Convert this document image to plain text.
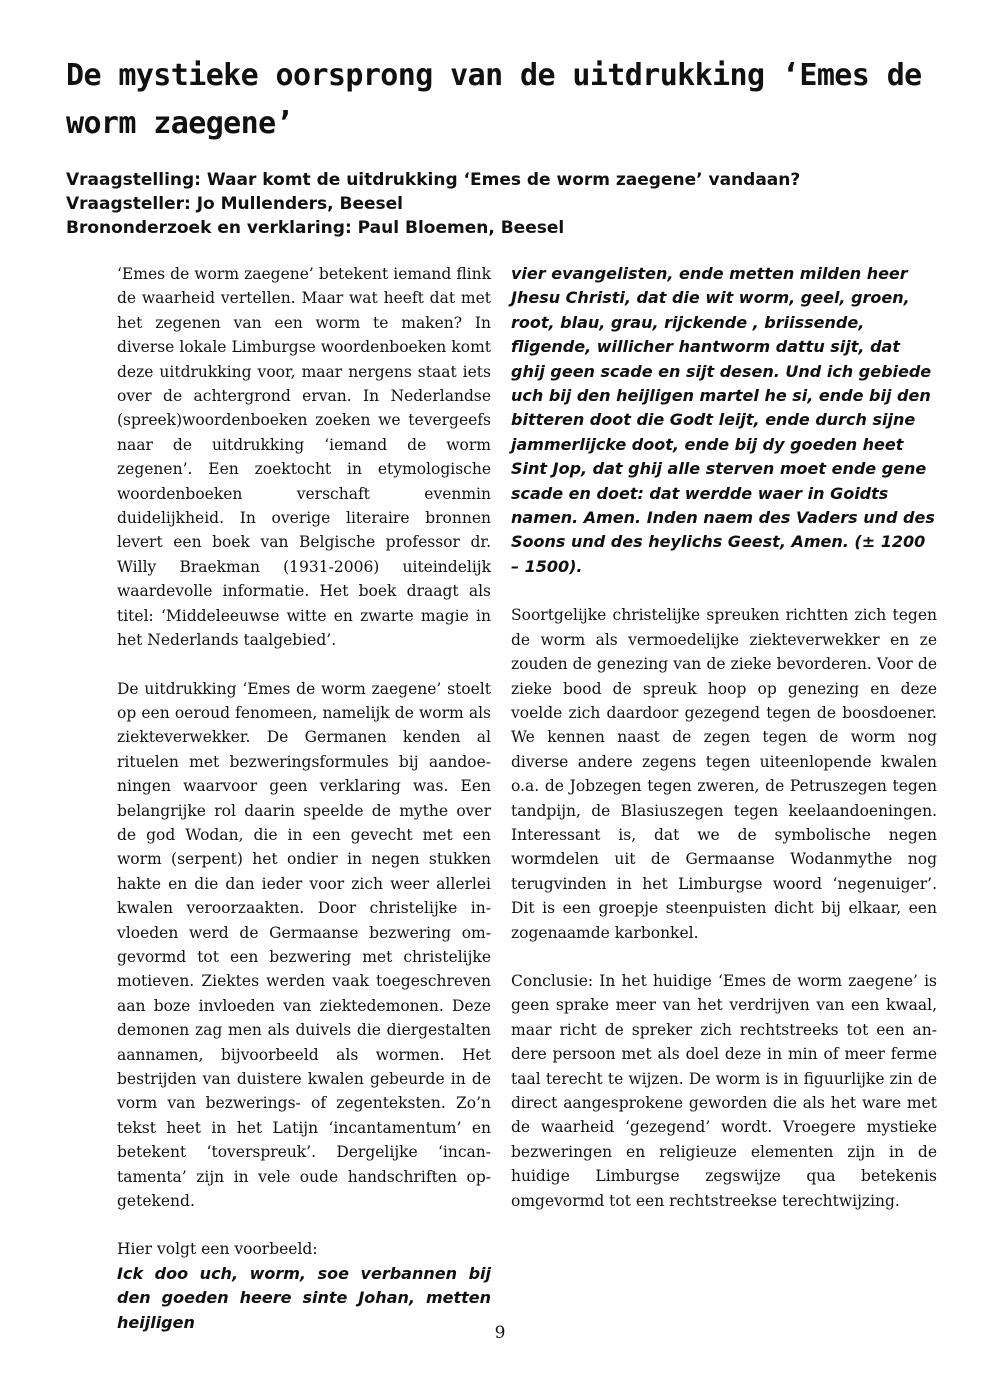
De mystieke oorsprong van de uitdrukking ‘Emes de worm zaegene’
Vraagstelling: Waar komt de uitdrukking ‘Emes de worm zaegene’ vandaan?
Vraagsteller: Jo Mullenders, Beesel
Brononderzoek en verklaring: Paul Bloemen, Beesel

‘Emes de worm zaegene’ betekent iemand flink de waarheid vertellen. Maar wat heeft dat met het zegenen van een worm te maken? In diverse lokale Limburgse woordenboeken komt deze uitdrukking voor, maar nergens staat iets over de achtergrond ervan. In Nederlandse (spreek)woordenboeken zoeken we tevergeefs naar de uitdrukking ‘iemand de worm zegenen’. Een zoektocht in etymologische woordenboeken verschaft evenmin duidelijkheid. In overige literaire bronnen levert een boek van Belgische professor dr. Willy Braekman (1931-2006) uiteindelijk waardevolle informatie. Het boek draagt als titel: ‘Middeleeuwse witte en zwarte magie in het Nederlands taalgebied’.

De uitdrukking ‘Emes de worm zaegene’ stoelt op een oeroud fenomeen, namelijk de worm als ziekteverwekker. De Germanen kenden al rituelen met bezweringsformules bij aandoeningen waarvoor geen verklaring was. Een belangrijke rol daarin speelde de mythe over de god Wodan, die in een gevecht met een worm (serpent) het ondier in negen stukken hakte en die dan ieder voor zich weer allerlei kwalen veroorzaakten. Door christelijke invloeden werd de Germaanse bezwering omgevormd tot een bezwering met christelijke motieven. Ziektes werden vaak toegeschreven aan boze invloeden van ziektedemonen. Deze demonen zag men als duivels die diergestalten aannamen, bijvoorbeeld als wormen. Het bestrijden van duistere kwalen gebeurde in de vorm van bezwerings- of zegenteksten. Zo’n tekst heet in het Latijn ‘incantamentum’ en betekent ‘toverspreuk’. Dergelijke ‘incantamenta’ zijn in vele oude handschriften opgetekend.

Hier volgt een voorbeeld:
Ick doo uch, worm, soe verbannen bij den goeden heere sinte Johan, metten heijligen

vier evangelisten, ende metten milden heer Jhesu Christi, dat die wit worm, geel, groen, root, blau, grau, rijckende , briissende, fligende, willicher hantworm dattu sijt, dat ghij geen scade en sijt desen. Und ich gebiede uch bij den heijligen martel he si, ende bij den bitteren doot die Godt leijt, ende durch sijne jammerlijcke doot, ende bij dy goeden heet Sint Jop, dat ghij alle sterven moet ende gene scade en doet: dat werdde waer in Goidts namen. Amen. Inden naem des Vaders und des Soons und des heylichs Geest, Amen. (± 1200 – 1500).

Soortgelijke christelijke spreuken richtten zich tegen de worm als vermoedelijke ziekteverwekker en ze zouden de genezing van de zieke bevorderen. Voor de zieke bood de spreuk hoop op genezing en deze voelde zich daardoor gezegend tegen de boosdoener. We kennen naast de zegen tegen de worm nog diverse andere zegens tegen uiteenlopende kwalen o.a. de Jobzegen tegen zweren, de Petruszegen tegen tandpijn, de Blasiuszegen tegen keelaandoeningen. Interessant is, dat we de symbolische negen wormdelen uit de Germaanse Wodanmythe nog terugvinden in het Limburgse woord ‘negenuiger’. Dit is een groepje steenpuisten dicht bij elkaar, een zogenaamde karbonkel.

Conclusie: In het huidige ‘Emes de worm zaegene’ is geen sprake meer van het verdrijven van een kwaal, maar richt de spreker zich rechtstreeks tot een andere persoon met als doel deze in min of meer ferme taal terecht te wijzen. De worm is in figuurlijke zin de direct aangesprokene geworden die als het ware met de waarheid ‘gezegend’ wordt. Vroegere mystieke bezweringen en religieuze elementen zijn in de huidige Limburgse zegswijze qua betekenis omgevormd tot een rechtstreekse terechtwijzing.

9
